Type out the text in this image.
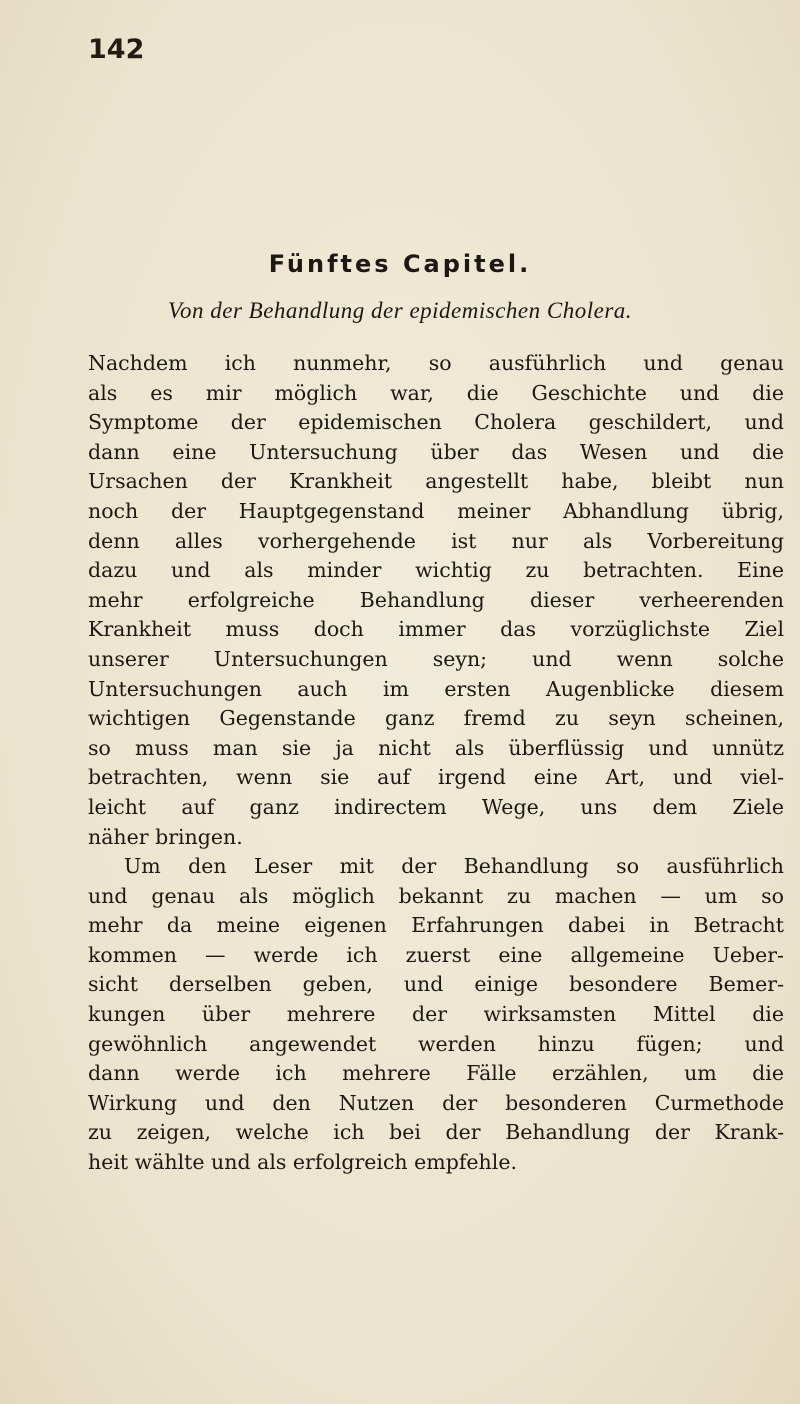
142
Fünftes Capitel.
Von der Behandlung der epidemischen Cholera.
Nachdem ich nunmehr, so ausführlich und genau
als es mir möglich war, die Geschichte und die
Symptome der epidemischen Cholera geschildert, und
dann eine Untersuchung über das Wesen und die
Ursachen der Krankheit angestellt habe, bleibt nun
noch der Hauptgegenstand meiner Abhandlung übrig,
denn alles vorhergehende ist nur als Vorbereitung
dazu und als minder wichtig zu betrachten. Eine
mehr erfolgreiche Behandlung dieser verheerenden
Krankheit muss doch immer das vorzüglichste Ziel
unserer Untersuchungen seyn; und wenn solche
Untersuchungen auch im ersten Augenblicke diesem
wichtigen Gegenstande ganz fremd zu seyn scheinen,
so muss man sie ja nicht als überflüssig und unnütz
betrachten, wenn sie auf irgend eine Art, und viel-
leicht auf ganz indirectem Wege, uns dem Ziele
näher bringen.
Um den Leser mit der Behandlung so ausführlich
und genau als möglich bekannt zu machen — um so
mehr da meine eigenen Erfahrungen dabei in Betracht
kommen — werde ich zuerst eine allgemeine Ueber-
sicht derselben geben, und einige besondere Bemer-
kungen über mehrere der wirksamsten Mittel die
gewöhnlich angewendet werden hinzu fügen; und
dann werde ich mehrere Fälle erzählen, um die
Wirkung und den Nutzen der besonderen Curmethode
zu zeigen, welche ich bei der Behandlung der Krank-
heit wählte und als erfolgreich empfehle.
